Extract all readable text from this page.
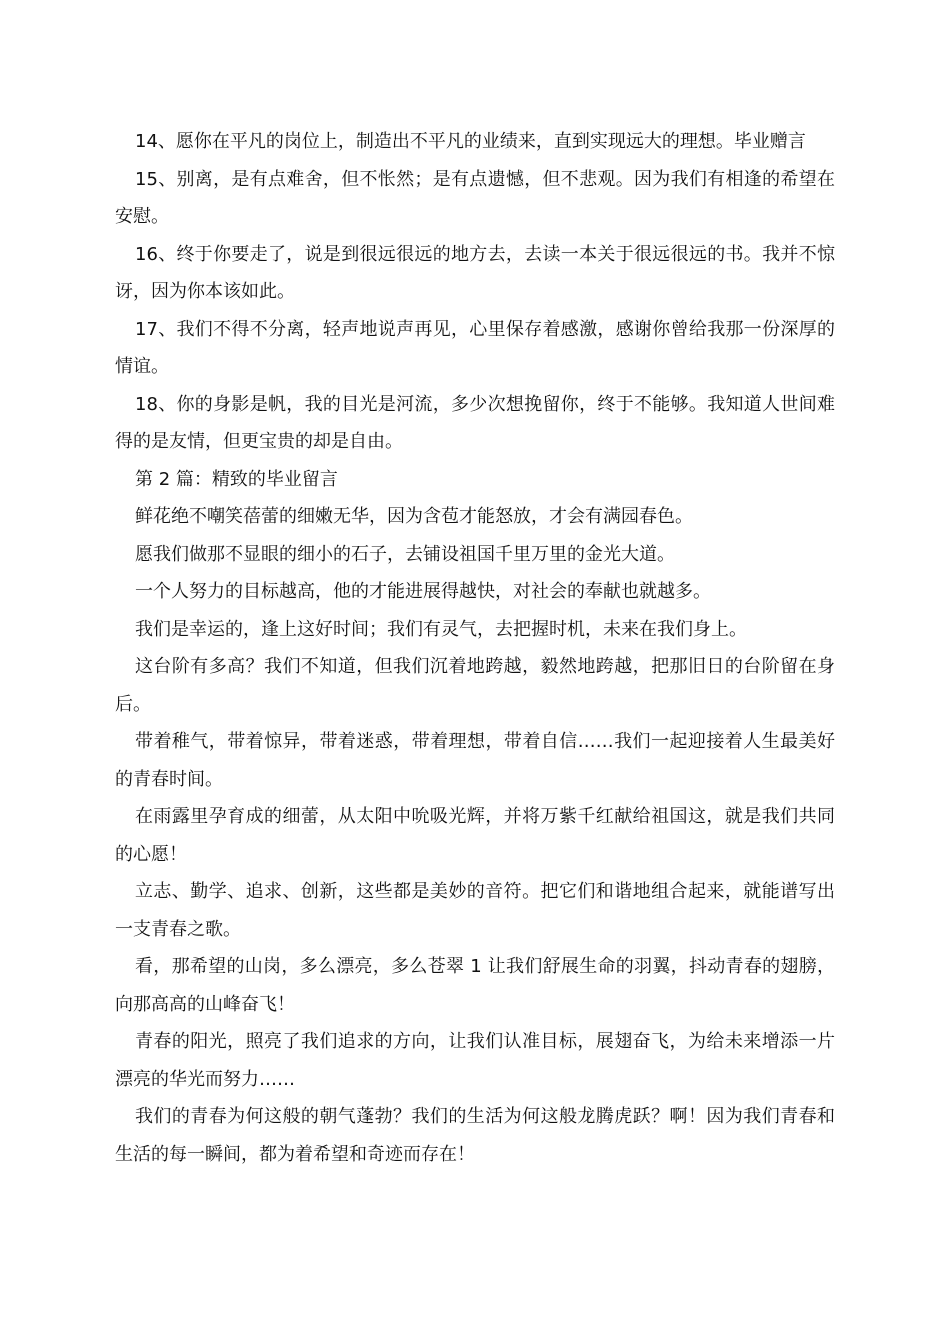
14、愿你在平凡的岗位上，制造出不平凡的业绩来，直到实现远大的理想。毕业赠言

15、别离，是有点难舍，但不怅然；是有点遗憾，但不悲观。因为我们有相逢的希望在安慰。

16、终于你要走了，说是到很远很远的地方去，去读一本关于很远很远的书。我并不惊讶，因为你本该如此。

17、我们不得不分离，轻声地说声再见，心里保存着感激，感谢你曾给我那一份深厚的情谊。

18、你的身影是帆，我的目光是河流，多少次想挽留你，终于不能够。我知道人世间难得的是友情，但更宝贵的却是自由。

第 2 篇：精致的毕业留言

鲜花绝不嘲笑蓓蕾的细嫩无华，因为含苞才能怒放，才会有满园春色。

愿我们做那不显眼的细小的石子，去铺设祖国千里万里的金光大道。

一个人努力的目标越高，他的才能进展得越快，对社会的奉献也就越多。

我们是幸运的，逢上这好时间；我们有灵气，去把握时机，未来在我们身上。

这台阶有多高？我们不知道，但我们沉着地跨越，毅然地跨越，把那旧日的台阶留在身后。

带着稚气，带着惊异，带着迷惑，带着理想，带着自信……我们一起迎接着人生最美好的青春时间。

在雨露里孕育成的细蕾，从太阳中吮吸光辉，并将万紫千红献给祖国这，就是我们共同的心愿！

立志、勤学、追求、创新，这些都是美妙的音符。把它们和谐地组合起来，就能谱写出一支青春之歌。

看，那希望的山岗，多么漂亮，多么苍翠 1 让我们舒展生命的羽翼，抖动青春的翅膀，向那高高的山峰奋飞！

青春的阳光，照亮了我们追求的方向，让我们认准目标，展翅奋飞，为给未来增添一片漂亮的华光而努力……

我们的青春为何这般的朝气蓬勃？我们的生活为何这般龙腾虎跃？啊！因为我们青春和生活的每一瞬间，都为着希望和奇迹而存在！
